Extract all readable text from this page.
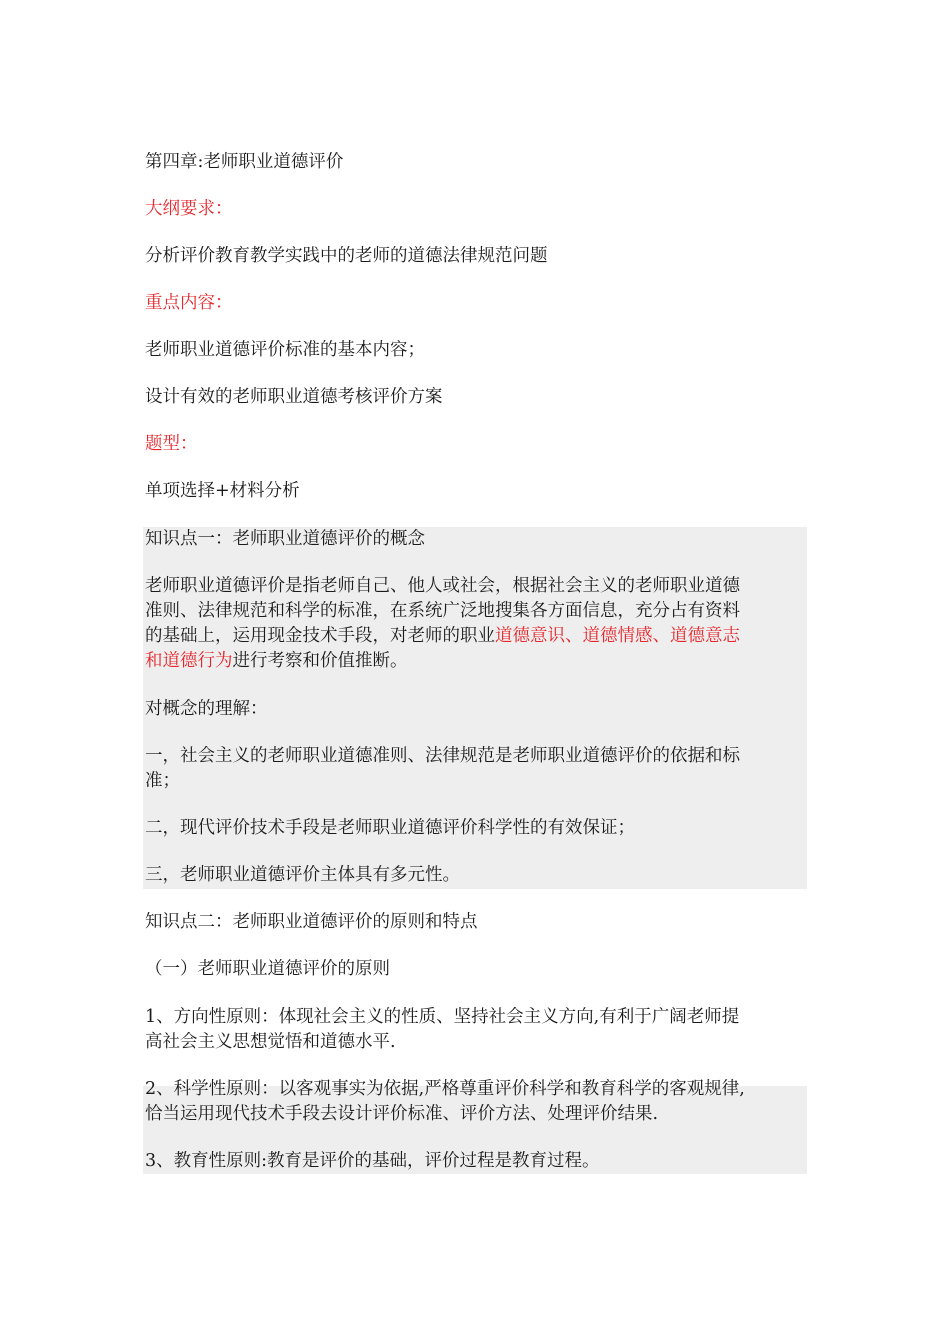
第四章:老师职业道德评价
大纲要求：
分析评价教育教学实践中的老师的道德法律规范问题
重点内容：
老师职业道德评价标准的基本内容；
设计有效的老师职业道德考核评价方案
题型：
单项选择+材料分析
知识点一：老师职业道德评价的概念
老师职业道德评价是指老师自己、他人或社会，根据社会主义的老师职业道德
准则、法律规范和科学的标准，在系统广泛地搜集各方面信息，充分占有资料
的基础上，运用现金技术手段，对老师的职业道德意识、道德情感、道德意志
和道德行为进行考察和价值推断。
对概念的理解：
一，社会主义的老师职业道德准则、法律规范是老师职业道德评价的依据和标
准；
二，现代评价技术手段是老师职业道德评价科学性的有效保证；
三，老师职业道德评价主体具有多元性。
知识点二：老师职业道德评价的原则和特点
（一）老师职业道德评价的原则
1、方向性原则：体现社会主义的性质、坚持社会主义方向,有利于广阔老师提
高社会主义思想觉悟和道德水平.
2、科学性原则：以客观事实为依据,严格尊重评价科学和教育科学的客观规律,
恰当运用现代技术手段去设计评价标准、评价方法、处理评价结果.
3、教育性原则:教育是评价的基础，评价过程是教育过程。
